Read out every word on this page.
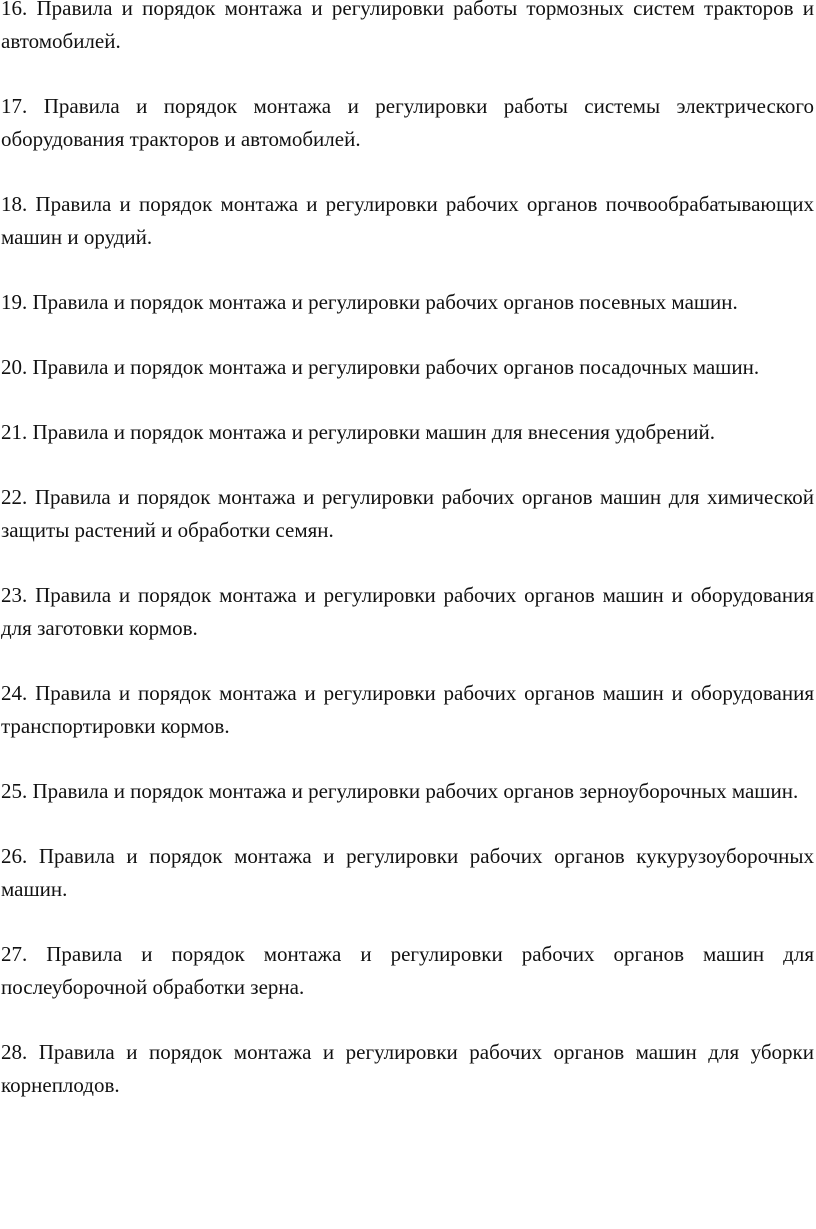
16. Правила и порядок монтажа и регулировки работы тормозных систем тракторов и автомобилей.

17. Правила и порядок монтажа и регулировки работы системы электрического оборудования тракторов и автомобилей.

18. Правила и порядок монтажа и регулировки рабочих органов почвообрабатывающих машин и орудий.

19. Правила и порядок монтажа и регулировки рабочих органов посевных машин.

20. Правила и порядок монтажа и регулировки рабочих органов посадочных машин.

21. Правила и порядок монтажа и регулировки машин для внесения удобрений.

22. Правила и порядок монтажа и регулировки рабочих органов машин для химической защиты растений и обработки семян.

23. Правила и порядок монтажа и регулировки рабочих органов машин и оборудования для заготовки кормов.

24. Правила и порядок монтажа и регулировки рабочих органов машин и оборудования транспортировки кормов.

25. Правила и порядок монтажа и регулировки рабочих органов зерноуборочных машин.

26. Правила и порядок монтажа и регулировки рабочих органов кукурузоуборочных машин.

27. Правила и порядок монтажа и регулировки рабочих органов машин для послеуборочной обработки зерна.

28. Правила и порядок монтажа и регулировки рабочих органов машин для уборки корнеплодов.
